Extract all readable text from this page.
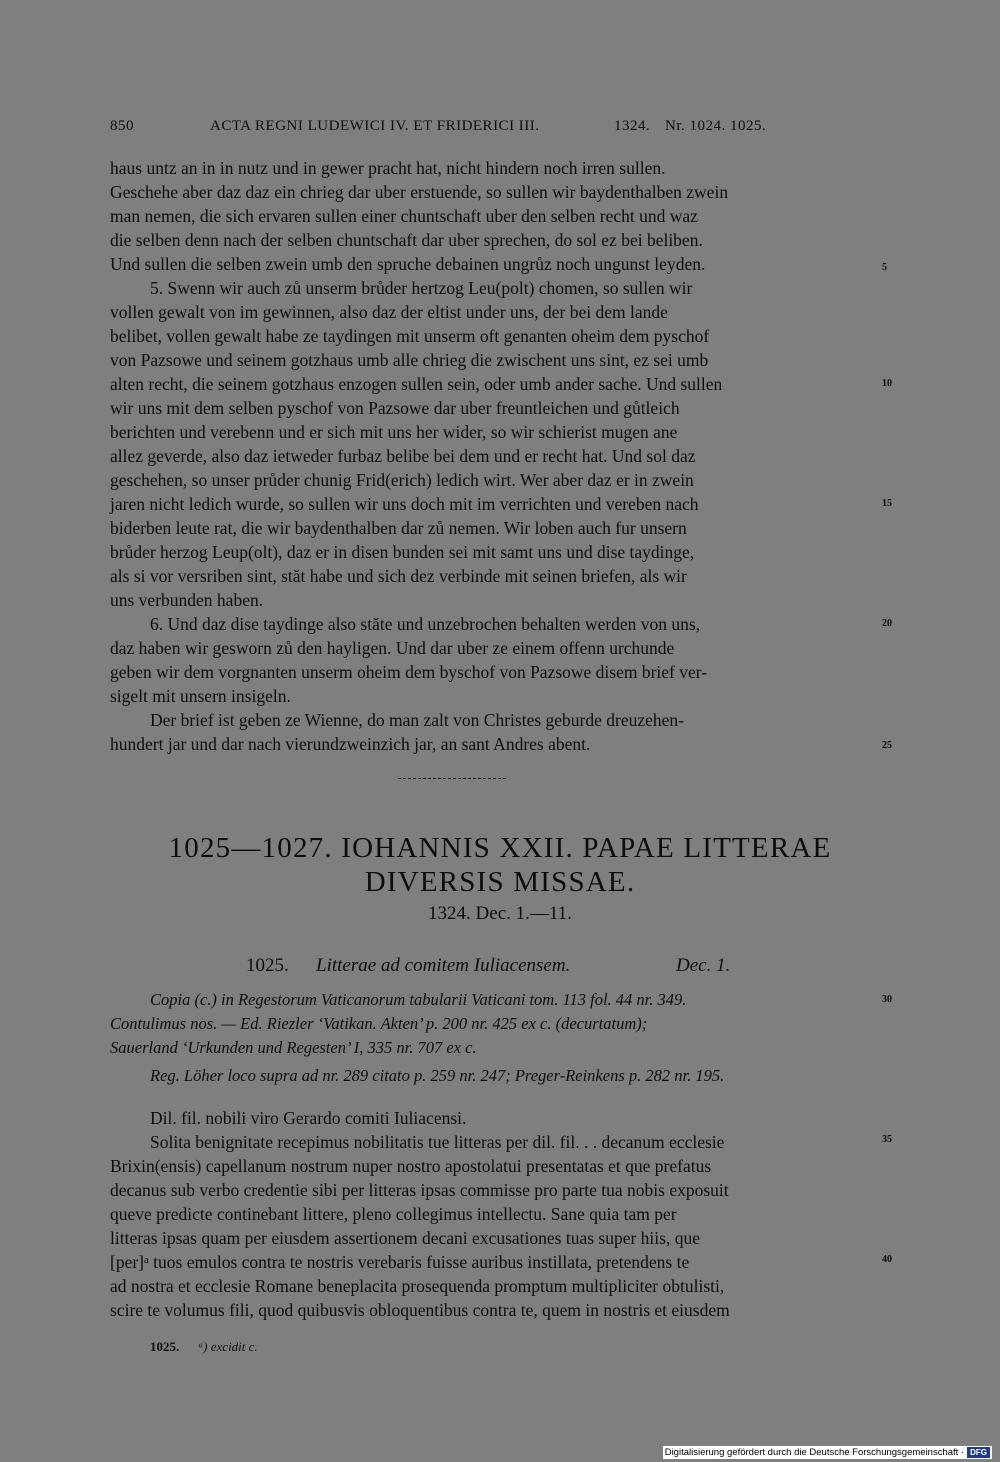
850	ACTA REGNI LUDEWICI IV. ET FRIDERICI III.	1324. Nr. 1024. 1025.
haus untz an in in nutz und in gewer pracht hat, nicht hindern noch irren sullen.
Geschehe aber daz daz ein chrieg dar uber erstuende, so sullen wir baydenthalben zwein
man nemen, die sich ervaren sullen einer chuntschaft uber den selben recht und waz
die selben denn nach der selben chuntschaft dar uber sprechen, do sol ez bei beliben.
Und sullen die selben zwein umb den spruche debainen ungrůz noch ungunst leyden.
5. Swenn wir auch zů unserm brůder hertzog Leu(polt) chomen, so sullen wir
vollen gewalt von im gewinnen, also daz der eltist under uns, der bei dem lande
belibet, vollen gewalt habe ze taydingen mit unserm oft genanten oheim dem pyschof
von Pazsowe und seinem gotzhaus umb alle chrieg die zwischent uns sint, ez sei umb
alten recht, die seinem gotzhaus enzogen sullen sein, oder umb ander sache. Und sullen
wir uns mit dem selben pyschof von Pazsowe dar uber freuntleichen und gůtleich
berichten und verebenn und er sich mit uns her wider, so wir schierist mugen ane
allez geverde, also daz ietweder furbaz belibe bei dem und er recht hat. Und sol daz
geschehen, so unser průder chunig Frid(erich) ledich wirt. Wer aber daz er in zwein
jaren nicht ledich wurde, so sullen wir uns doch mit im verrichten und vereben nach
biderben leute rat, die wir baydenthalben dar zů nemen. Wir loben auch fur unsern
brůder herzog Leup(olt), daz er in disen bunden sei mit samt uns und dise taydinge,
als si vor versriben sint, stăt habe und sich dez verbinde mit seinen briefen, als wir
uns verbunden haben.
6. Und daz dise taydinge also stăte und unzebrochen behalten werden von uns,
daz haben wir gesworn zů den hayligen. Und dar uber ze einem offenn urchunde
geben wir dem vorgnanten unserm oheim dem byschof von Pazsowe disem brief ver-
sigelt mit unsern insigeln.
Der brief ist geben ze Wienne, do man zalt von Christes geburde dreuzehen-
hundert jar und dar nach vierundzweinzich jar, an sant Andres abent.
5
10
15
20
25
1025—1027. IOHANNIS XXII. PAPAE LITTERAE
DIVERSIS MISSAE.
1324. Dec. 1.—11.
1025. Litterae ad comitem Iuliacensem.	Dec. 1.
Copia (c.) in Regestorum Vaticanorum tabularii Vaticani tom. 113 fol. 44 nr. 349.
Contulimus nos. — Ed. Riezler ‘Vatikan. Akten’ p. 200 nr. 425 ex c. (decurtatum);
Sauerland ‘Urkunden und Regesten’ I, 335 nr. 707 ex c.
Reg. Löher loco supra ad nr. 289 citato p. 259 nr. 247; Preger-Reinkens p. 282 nr. 195.
30
Dil. fil. nobili viro Gerardo comiti Iuliacensi.
Solita benignitate recepimus nobilitatis tue litteras per dil. fil. . . decanum ecclesie
Brixin(ensis) capellanum nostrum nuper nostro apostolatui presentatas et que prefatus
decanus sub verbo credentie sibi per litteras ipsas commisse pro parte tua nobis exposuit
queve predicte continebant littere, pleno collegimus intellectu. Sane quia tam per
litteras ipsas quam per eiusdem assertionem decani excusationes tuas super hiis, que
[per]ᵃ tuos emulos contra te nostris verebaris fuisse auribus instillata, pretendens te
ad nostra et ecclesie Romane beneplacita prosequenda promptum multipliciter obtulisti,
scire te volumus fili, quod quibusvis obloquentibus contra te, quem in nostris et eiusdem
35
40
1025. ᵃ) excidit c.
Digitalisierung gefördert durch die Deutsche Forschungsgemeinschaft · DFG
